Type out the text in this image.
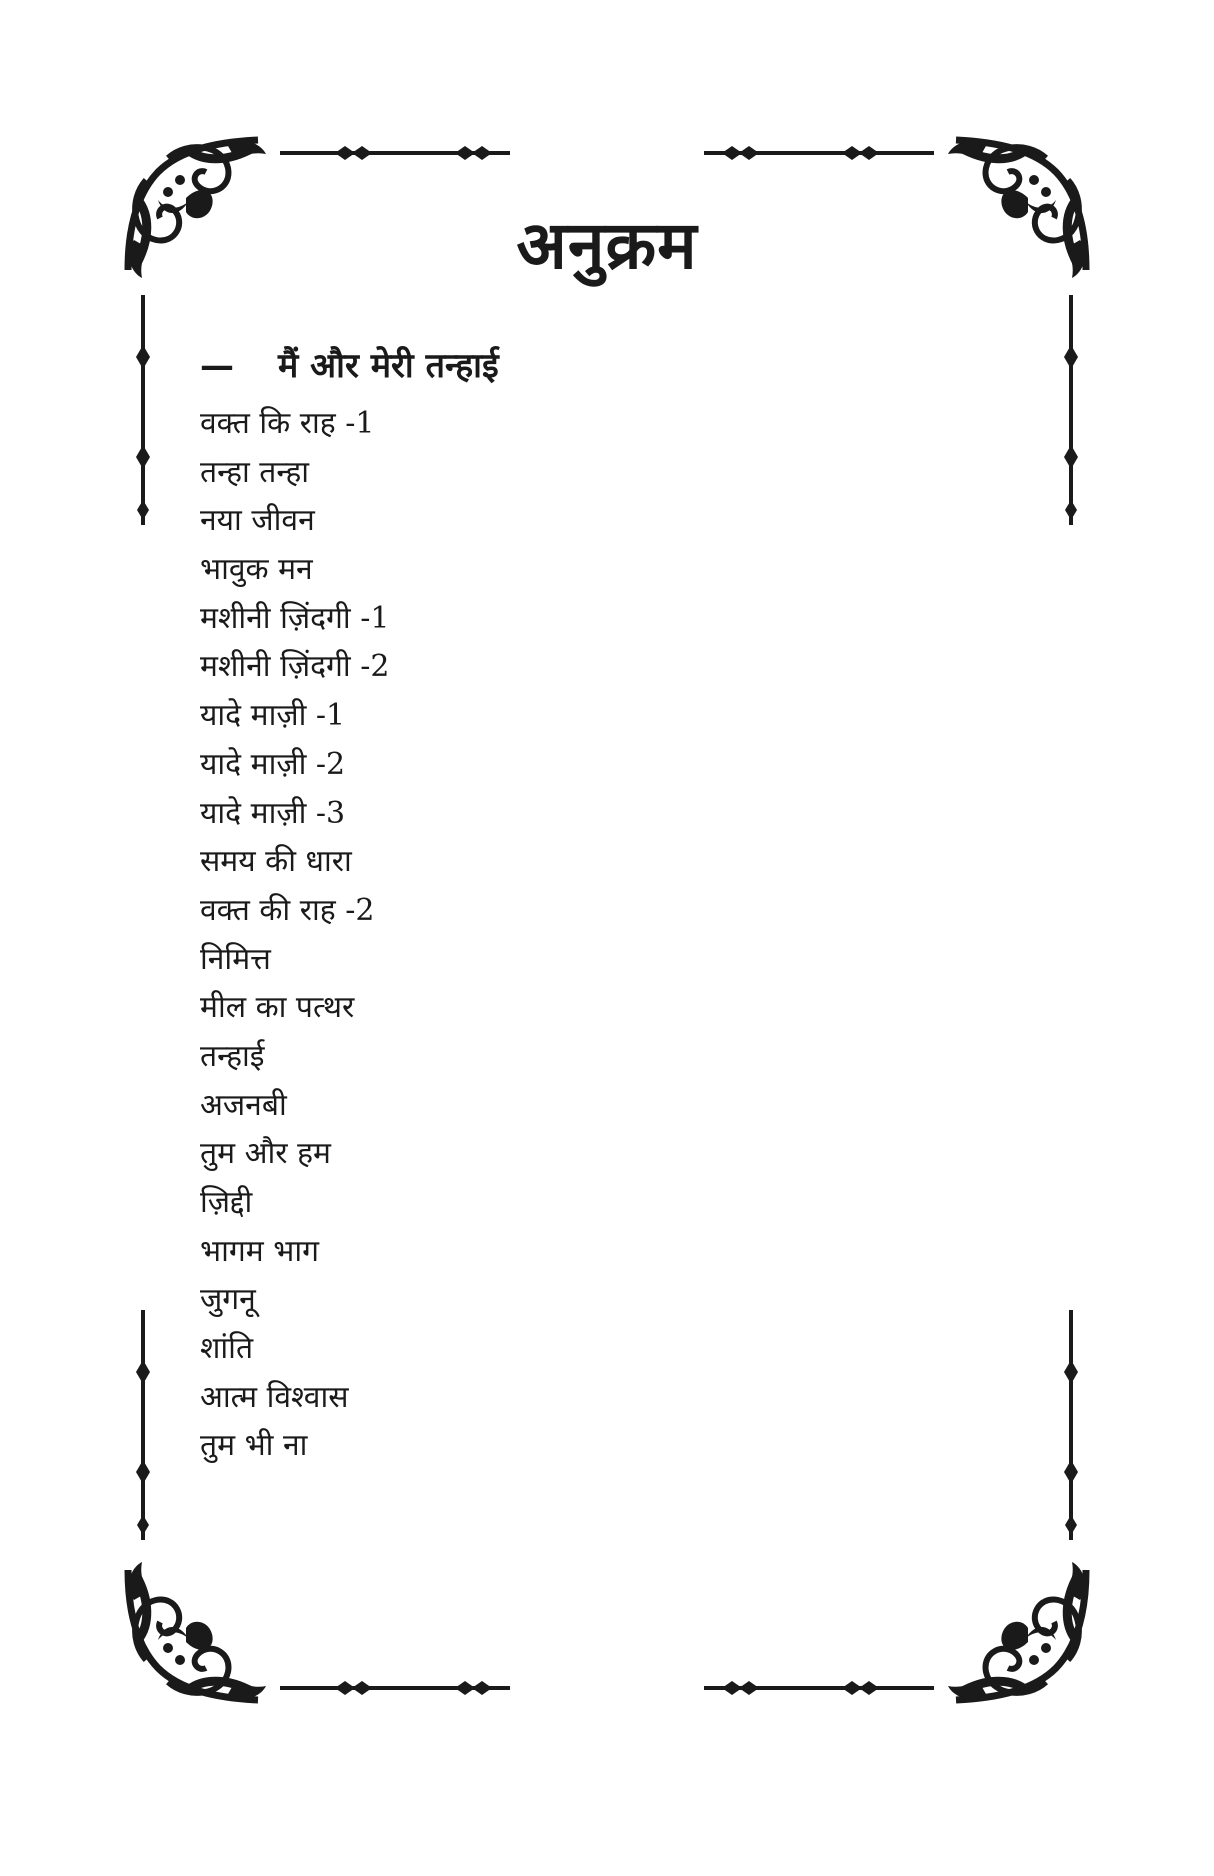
अनुक्रम
— मैं और मेरी तन्हाई
वक्त कि राह -1
तन्हा तन्हा
नया जीवन
भावुक मन
मशीनी ज़िंदगी -1
मशीनी ज़िंदगी -2
यादे माज़ी -1
यादे माज़ी -2
यादे माज़ी -3
समय की धारा
वक्त की राह -2
निमित्त
मील का पत्थर
तन्हाई
अजनबी
तुम और हम
ज़िद्दी
भागम भाग
जुगनू
शांति
आत्म विश्वास
तुम भी ना
